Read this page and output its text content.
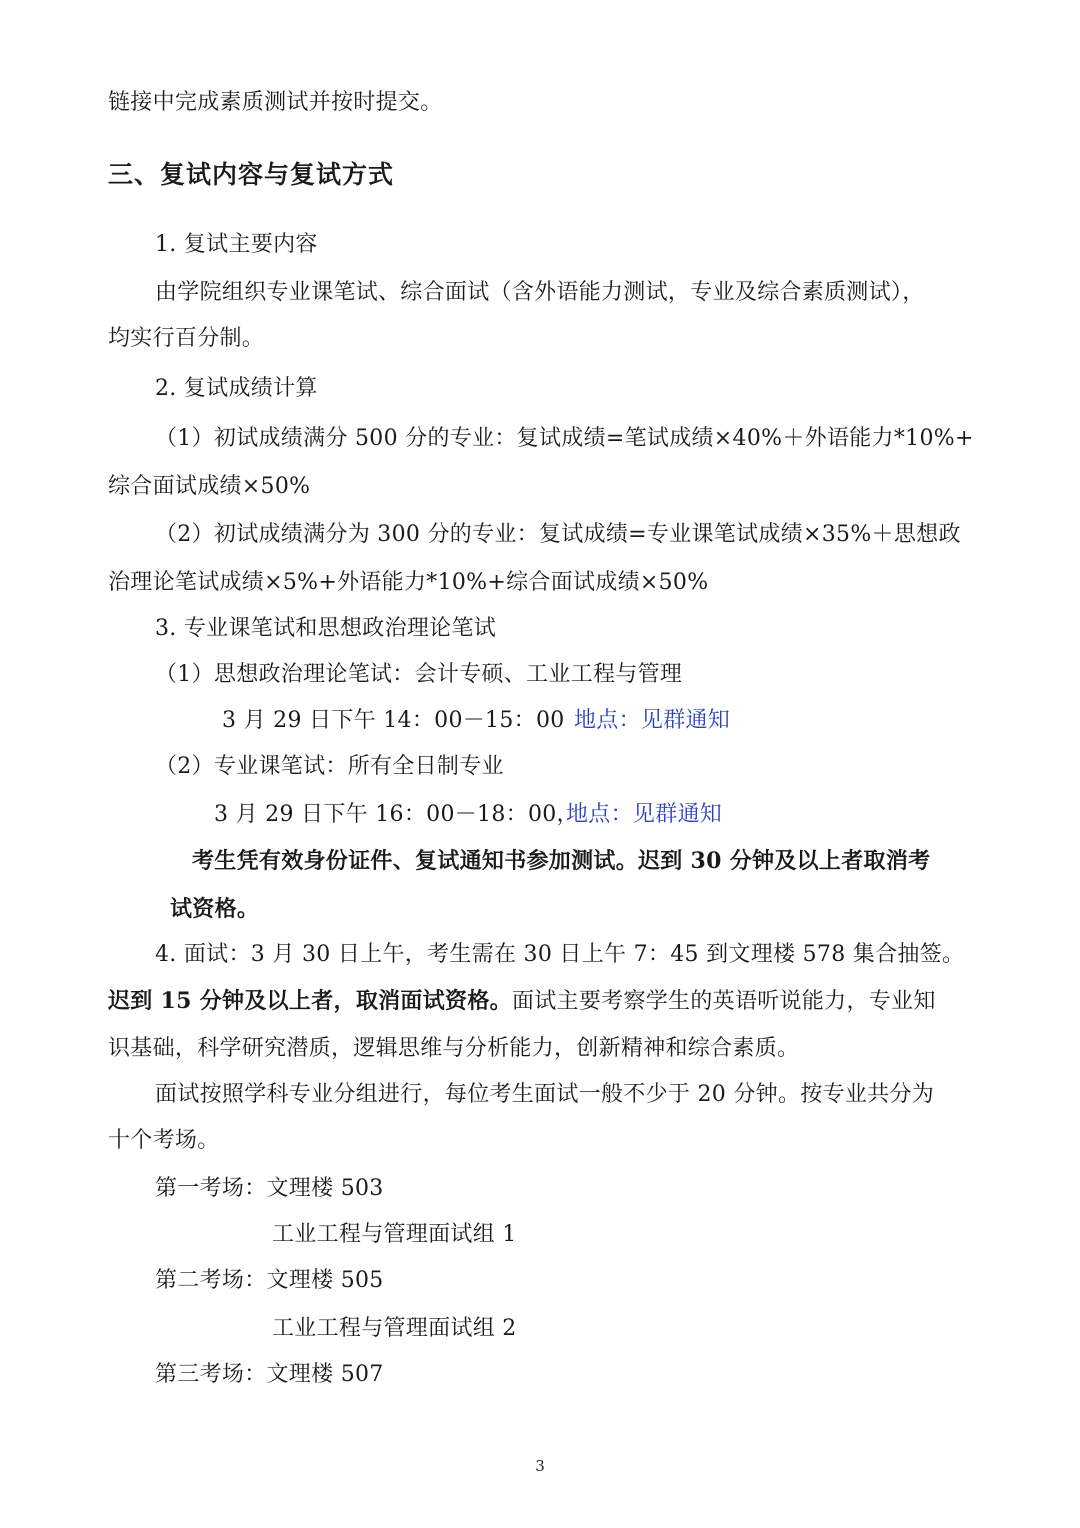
链接中完成素质测试并按时提交。
三、复试内容与复试方式
1. 复试主要内容
由学院组织专业课笔试、综合面试（含外语能力测试，专业及综合素质测试），
均实行百分制。
2. 复试成绩计算
（1）初试成绩满分 500 分的专业：复试成绩=笔试成绩×40%＋外语能力*10%+
综合面试成绩×50%
（2）初试成绩满分为 300 分的专业：复试成绩=专业课笔试成绩×35%＋思想政
治理论笔试成绩×5%+外语能力*10%+综合面试成绩×50%
3. 专业课笔试和思想政治理论笔试
（1）思想政治理论笔试：会计专硕、工业工程与管理
3 月 29 日下午 14：00－15：00 地点：见群通知
（2）专业课笔试：所有全日制专业
3 月 29 日下午 16：00－18：00，
地点：见群通知
考生凭有效身份证件、复试通知书参加测试。迟到 30 分钟及以上者取消考
试资格。
4. 面试：3 月 30 日上午，考生需在 30 日上午 7：45 到文理楼 578 集合抽签。
迟到 15 分钟及以上者，取消面试资格。面试主要考察学生的英语听说能力，专业知
识基础，科学研究潜质，逻辑思维与分析能力，创新精神和综合素质。
面试按照学科专业分组进行，每位考生面试一般不少于 20 分钟。按专业共分为
十个考场。
第一考场：文理楼 503
工业工程与管理面试组 1
第二考场：文理楼 505
工业工程与管理面试组 2
第三考场：文理楼 507
3
